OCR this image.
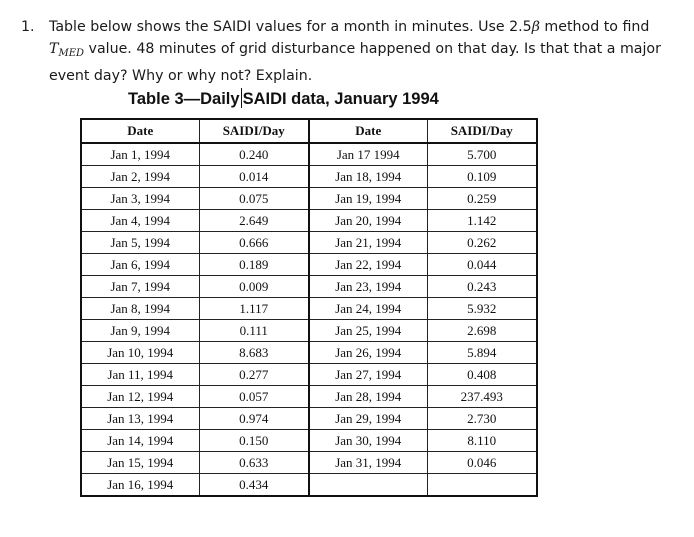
1. Table below shows the SAIDI values for a month in minutes. Use 2.5β method to find $T_{MED}$ value. 48 minutes of grid disturbance happened on that day. Is that that a major event day? Why or why not? Explain.
Table 3—Daily SAIDI data, January 1994
Date	SAIDI/Day	Date	SAIDI/Day
Jan 1, 1994	0.240	Jan 17 1994	5.700
Jan 2, 1994	0.014	Jan 18, 1994	0.109
Jan 3, 1994	0.075	Jan 19, 1994	0.259
Jan 4, 1994	2.649	Jan 20, 1994	1.142
Jan 5, 1994	0.666	Jan 21, 1994	0.262
Jan 6, 1994	0.189	Jan 22, 1994	0.044
Jan 7, 1994	0.009	Jan 23, 1994	0.243
Jan 8, 1994	1.117	Jan 24, 1994	5.932
Jan 9, 1994	0.111	Jan 25, 1994	2.698
Jan 10, 1994	8.683	Jan 26, 1994	5.894
Jan 11, 1994	0.277	Jan 27, 1994	0.408
Jan 12, 1994	0.057	Jan 28, 1994	237.493
Jan 13, 1994	0.974	Jan 29, 1994	2.730
Jan 14, 1994	0.150	Jan 30, 1994	8.110
Jan 15, 1994	0.633	Jan 31, 1994	0.046
Jan 16, 1994	0.434		
